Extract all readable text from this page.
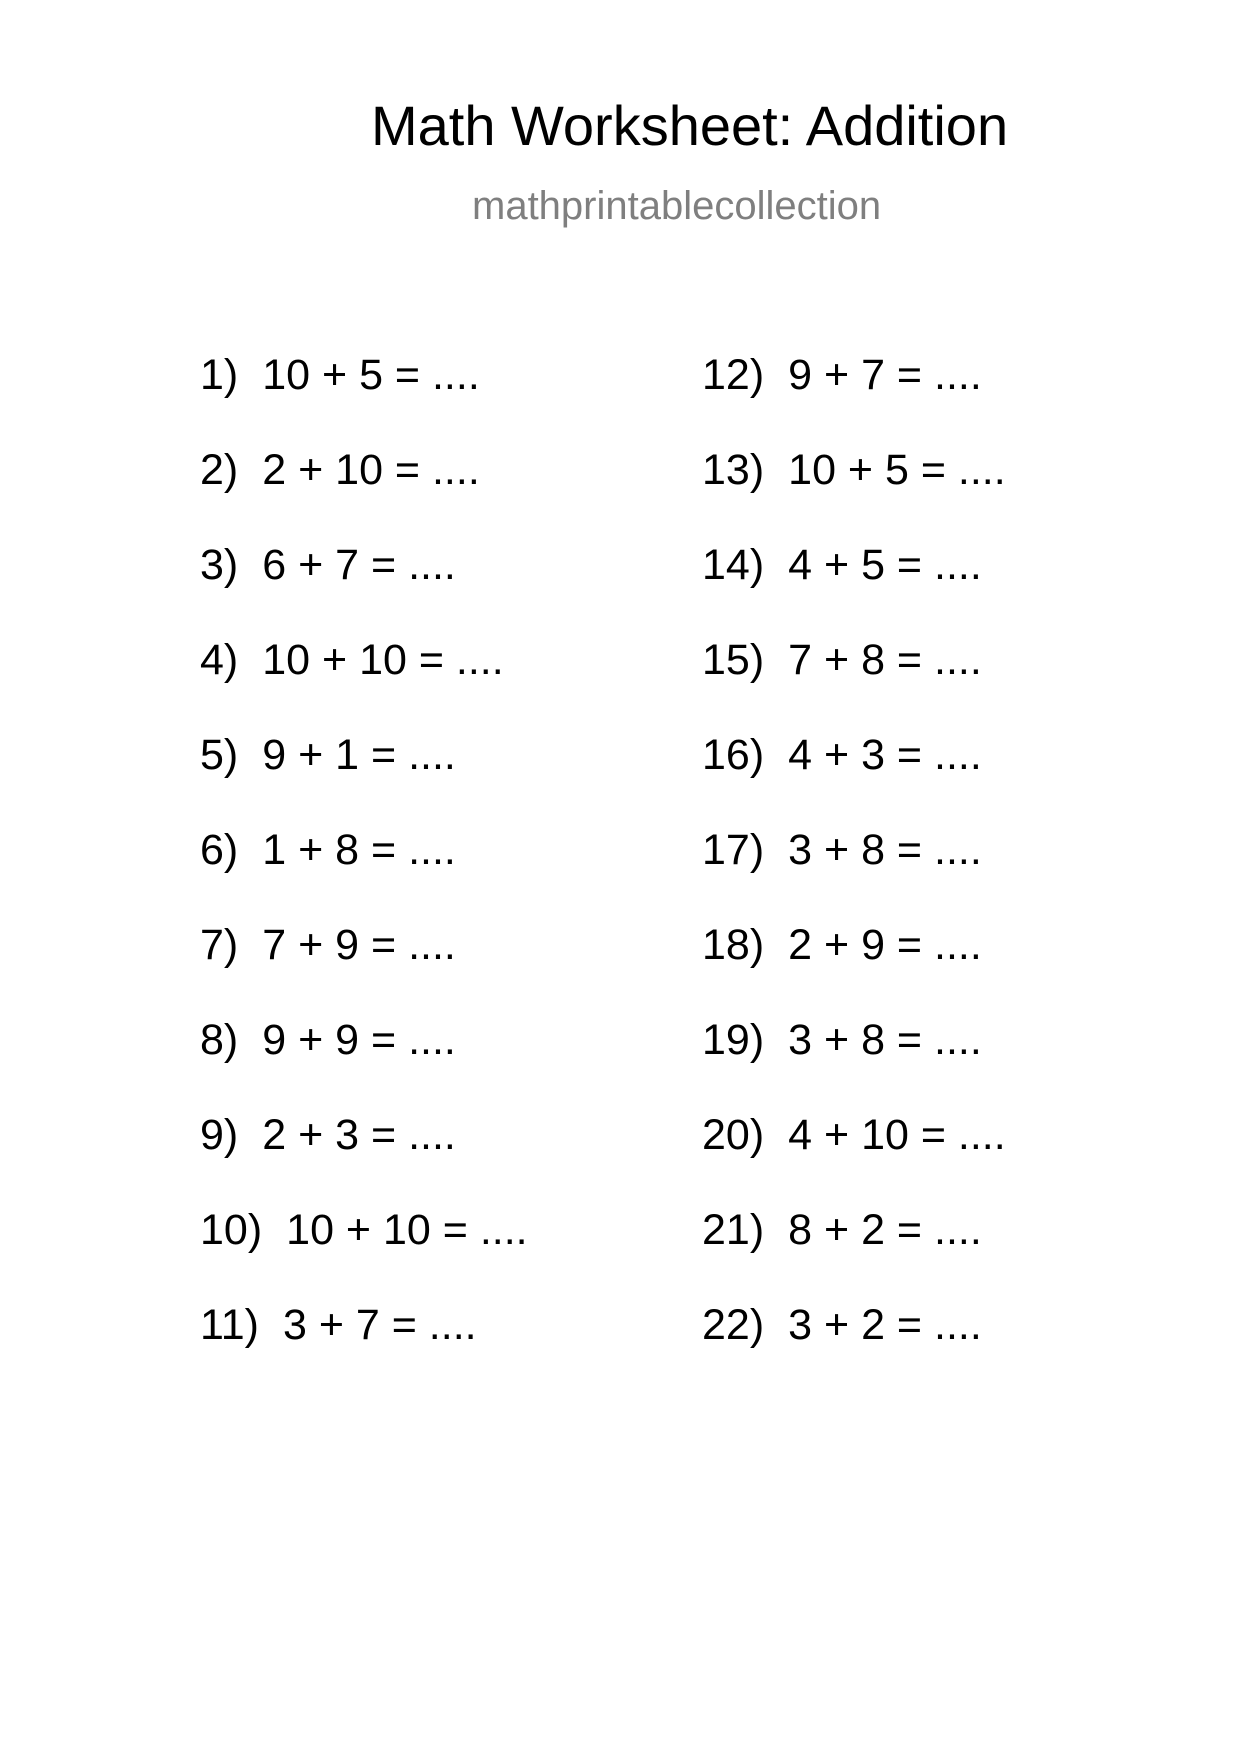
Math Worksheet: Addition
mathprintablecollection
1) 10 + 5 = ....
2) 2 + 10 = ....
3) 6 + 7 = ....
4) 10 + 10 = ....
5) 9 + 1 = ....
6) 1 + 8 = ....
7) 7 + 9 = ....
8) 9 + 9 = ....
9) 2 + 3 = ....
10) 10 + 10 = ....
11) 3 + 7 = ....
12) 9 + 7 = ....
13) 10 + 5 = ....
14) 4 + 5 = ....
15) 7 + 8 = ....
16) 4 + 3 = ....
17) 3 + 8 = ....
18) 2 + 9 = ....
19) 3 + 8 = ....
20) 4 + 10 = ....
21) 8 + 2 = ....
22) 3 + 2 = ....
